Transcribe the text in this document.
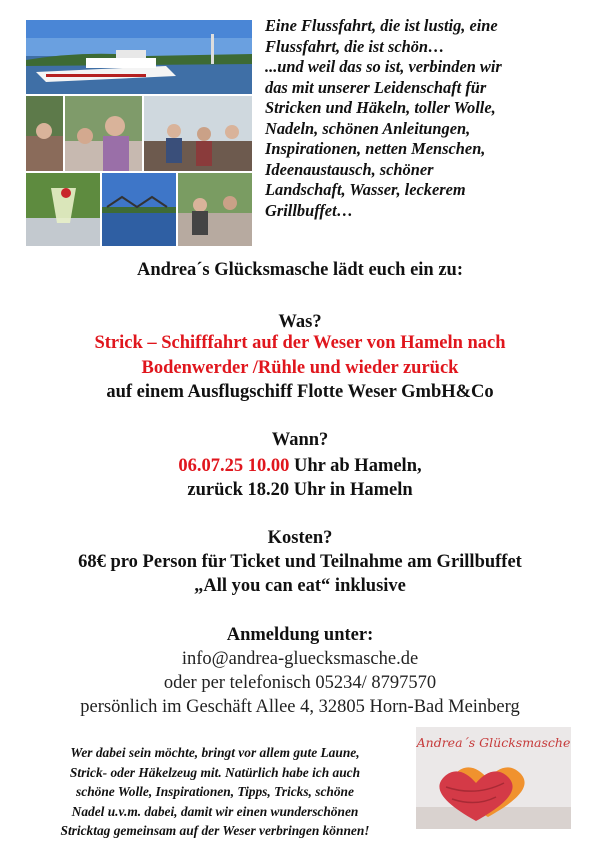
Eine Flussfahrt, die ist lustig, eine

Flussfahrt, die ist schön…

...und weil das so ist, verbinden wir

das mit unserer Leidenschaft für

Stricken und Häkeln, toller Wolle,

Nadeln, schönen Anleitungen,

Inspirationen, netten Menschen,

Ideenaustausch, schöner

Landschaft, Wasser, leckerem

Grillbuffet…

Andrea´s Glücksmasche lädt euch ein zu:
Was?
Strick – Schifffahrt auf der Weser von Hameln nach
Bodenwerder /Rühle und wieder zurück
auf einem Ausflugschiff Flotte Weser GmbH&Co
Wann?
06.07.25 10.00 Uhr ab Hameln,
zurück 18.20 Uhr in Hameln
Kosten?
68€ pro Person für Ticket und Teilnahme am Grillbuffet
„All you can eat“ inklusive
Anmeldung unter:
info@andrea-gluecksmasche.de
oder per telefonisch 05234/ 8797570
persönlich im Geschäft Allee 4, 32805 Horn-Bad Meinberg

Wer dabei sein möchte, bringt vor allem gute Laune,

Strick- oder Häkelzeug mit. Natürlich habe ich auch

schöne Wolle, Inspirationen, Tipps, Tricks, schöne

Nadel u.v.m. dabei, damit wir einen wunderschönen

Stricktag gemeinsam auf der Weser verbringen können!

Andrea´s Glücksmasche
